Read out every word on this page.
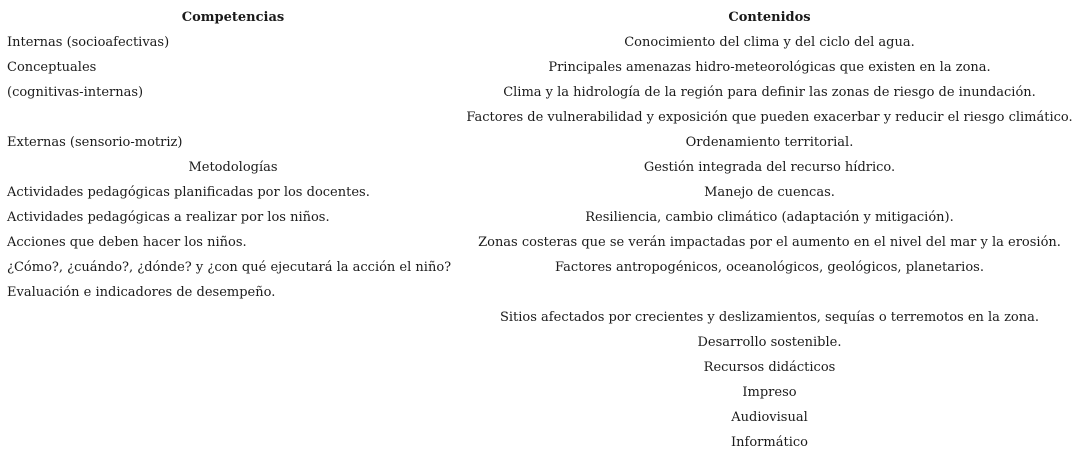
Competencias
Internas (socioafectivas)
Conceptuales
(cognitivas-internas)
Externas (sensorio-motriz)
Metodologías
Actividades pedagógicas planificadas por los docentes.
Actividades pedagógicas a realizar por los niños.
Acciones que deben hacer los niños.
¿Cómo?, ¿cuándo?, ¿dónde? y ¿con qué ejecutará la acción el niño?
Evaluación e indicadores de desempeño.
Contenidos
Conocimiento del clima y del ciclo del agua.
Principales amenazas hidro-meteorológicas que existen en la zona.
Clima y la hidrología de la región para definir las zonas de riesgo de inundación.
Factores de vulnerabilidad y exposición que pueden exacerbar y reducir el riesgo climático.
Ordenamiento territorial.
Gestión integrada del recurso hídrico.
Manejo de cuencas.
Resiliencia, cambio climático (adaptación y mitigación).
Zonas costeras que se verán impactadas por el aumento en el nivel del mar y la erosión.
Factores antropogénicos, oceanológicos, geológicos, planetarios.
Sitios afectados por crecientes y deslizamientos, sequías o terremotos en la zona.
Desarrollo sostenible.
Recursos didácticos
Impreso
Audiovisual
Informático
